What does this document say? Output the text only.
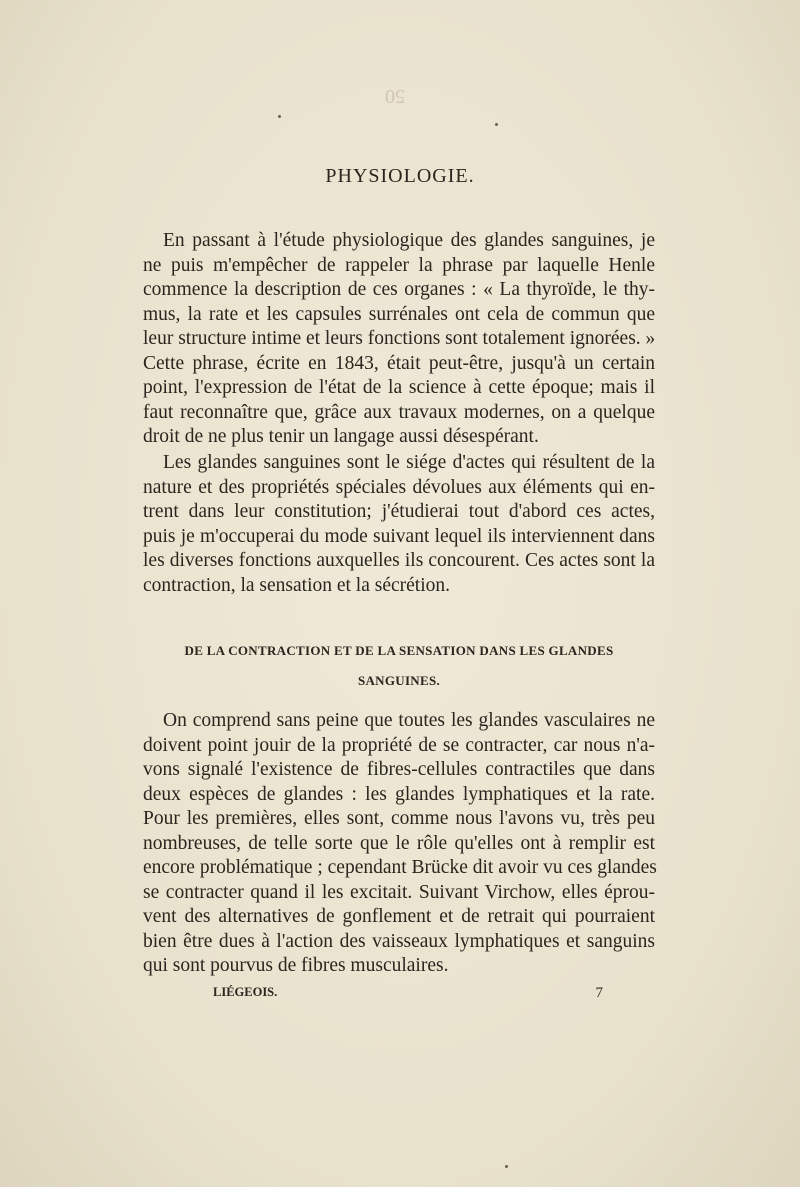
50
PHYSIOLOGIE.
En passant à l'étude physiologique des glandes sanguines, je
ne puis m'empêcher de rappeler la phrase par laquelle Henle
commence la description de ces organes : « La thyroïde, le thy-
mus, la rate et les capsules surrénales ont cela de commun que
leur structure intime et leurs fonctions sont totalement ignorées. »
Cette phrase, écrite en 1843, était peut-être, jusqu'à un certain
point, l'expression de l'état de la science à cette époque; mais il
faut reconnaître que, grâce aux travaux modernes, on a quelque
droit de ne plus tenir un langage aussi désespérant.
Les glandes sanguines sont le siége d'actes qui résultent de la
nature et des propriétés spéciales dévolues aux éléments qui en-
trent dans leur constitution; j'étudierai tout d'abord ces actes,
puis je m'occuperai du mode suivant lequel ils interviennent dans
les diverses fonctions auxquelles ils concourent. Ces actes sont la
contraction, la sensation et la sécrétion.
DE LA CONTRACTION ET DE LA SENSATION DANS LES GLANDES
SANGUINES.
On comprend sans peine que toutes les glandes vasculaires ne
doivent point jouir de la propriété de se contracter, car nous n'a-
vons signalé l'existence de fibres-cellules contractiles que dans
deux espèces de glandes : les glandes lymphatiques et la rate.
Pour les premières, elles sont, comme nous l'avons vu, très peu
nombreuses, de telle sorte que le rôle qu'elles ont à remplir est
encore problématique ; cependant Brücke dit avoir vu ces glandes
se contracter quand il les excitait. Suivant Virchow, elles éprou-
vent des alternatives de gonflement et de retrait qui pourraient
bien être dues à l'action des vaisseaux lymphatiques et sanguins
qui sont pourvus de fibres musculaires.
LIÉGEOIS.	7
